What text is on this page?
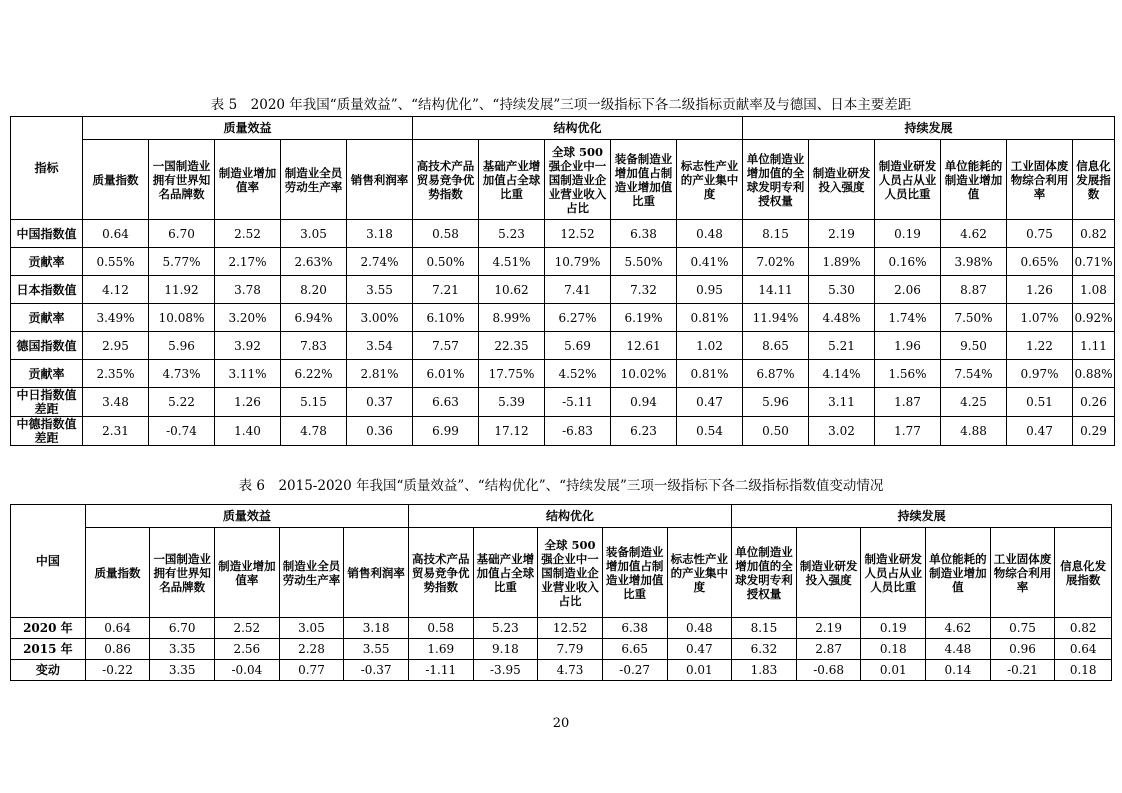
表 5　2020 年我国“质量效益”、“结构优化”、“持续发展”三项一级指标下各二级指标贡献率及与德国、日本主要差距
指标	质量效益					结构优化					持续发展					
	质量指数	一国制造业拥有世界知名品牌数	制造业增加值率	制造业全员劳动生产率	销售利润率	高技术产品贸易竞争优势指数	基础产业增加值占全球比重	全球 500 强企业中一国制造业企业营业收入占比	装备制造业增加值占制造业增加值比重	标志性产业的产业集中度	单位制造业增加值的全球发明专利授权量	制造业研发投入强度	制造业研发人员占从业人员比重	单位能耗的制造业增加值	工业固体废物综合利用率	信息化发展指数
中国指数值	0.64	6.70	2.52	3.05	3.18	0.58	5.23	12.52	6.38	0.48	8.15	2.19	0.19	4.62	0.75	0.82
贡献率	0.55%	5.77%	2.17%	2.63%	2.74%	0.50%	4.51%	10.79%	5.50%	0.41%	7.02%	1.89%	0.16%	3.98%	0.65%	0.71%
日本指数值	4.12	11.92	3.78	8.20	3.55	7.21	10.62	7.41	7.32	0.95	14.11	5.30	2.06	8.87	1.26	1.08
贡献率	3.49%	10.08%	3.20%	6.94%	3.00%	6.10%	8.99%	6.27%	6.19%	0.81%	11.94%	4.48%	1.74%	7.50%	1.07%	0.92%
德国指数值	2.95	5.96	3.92	7.83	3.54	7.57	22.35	5.69	12.61	1.02	8.65	5.21	1.96	9.50	1.22	1.11
贡献率	2.35%	4.73%	3.11%	6.22%	2.81%	6.01%	17.75%	4.52%	10.02%	0.81%	6.87%	4.14%	1.56%	7.54%	0.97%	0.88%
中日指数值差距	3.48	5.22	1.26	5.15	0.37	6.63	5.39	-5.11	0.94	0.47	5.96	3.11	1.87	4.25	0.51	0.26
中德指数值差距	2.31	-0.74	1.40	4.78	0.36	6.99	17.12	-6.83	6.23	0.54	0.50	3.02	1.77	4.88	0.47	0.29
表 6　2015-2020 年我国“质量效益”、“结构优化”、“持续发展”三项一级指标下各二级指标指数值变动情况
中国	质量效益					结构优化					持续发展					
	质量指数	一国制造业拥有世界知名品牌数	制造业增加值率	制造业全员劳动生产率	销售利润率	高技术产品贸易竞争优势指数	基础产业增加值占全球比重	全球 500 强企业中一国制造业企业营业收入占比	装备制造业增加值占制造业增加值比重	标志性产业的产业集中度	单位制造业增加值的全球发明专利授权量	制造业研发投入强度	制造业研发人员占从业人员比重	单位能耗的制造业增加值	工业固体废物综合利用率	信息化发展指数
2020 年	0.64	6.70	2.52	3.05	3.18	0.58	5.23	12.52	6.38	0.48	8.15	2.19	0.19	4.62	0.75	0.82
2015 年	0.86	3.35	2.56	2.28	3.55	1.69	9.18	7.79	6.65	0.47	6.32	2.87	0.18	4.48	0.96	0.64
变动	-0.22	3.35	-0.04	0.77	-0.37	-1.11	-3.95	4.73	-0.27	0.01	1.83	-0.68	0.01	0.14	-0.21	0.18
20
